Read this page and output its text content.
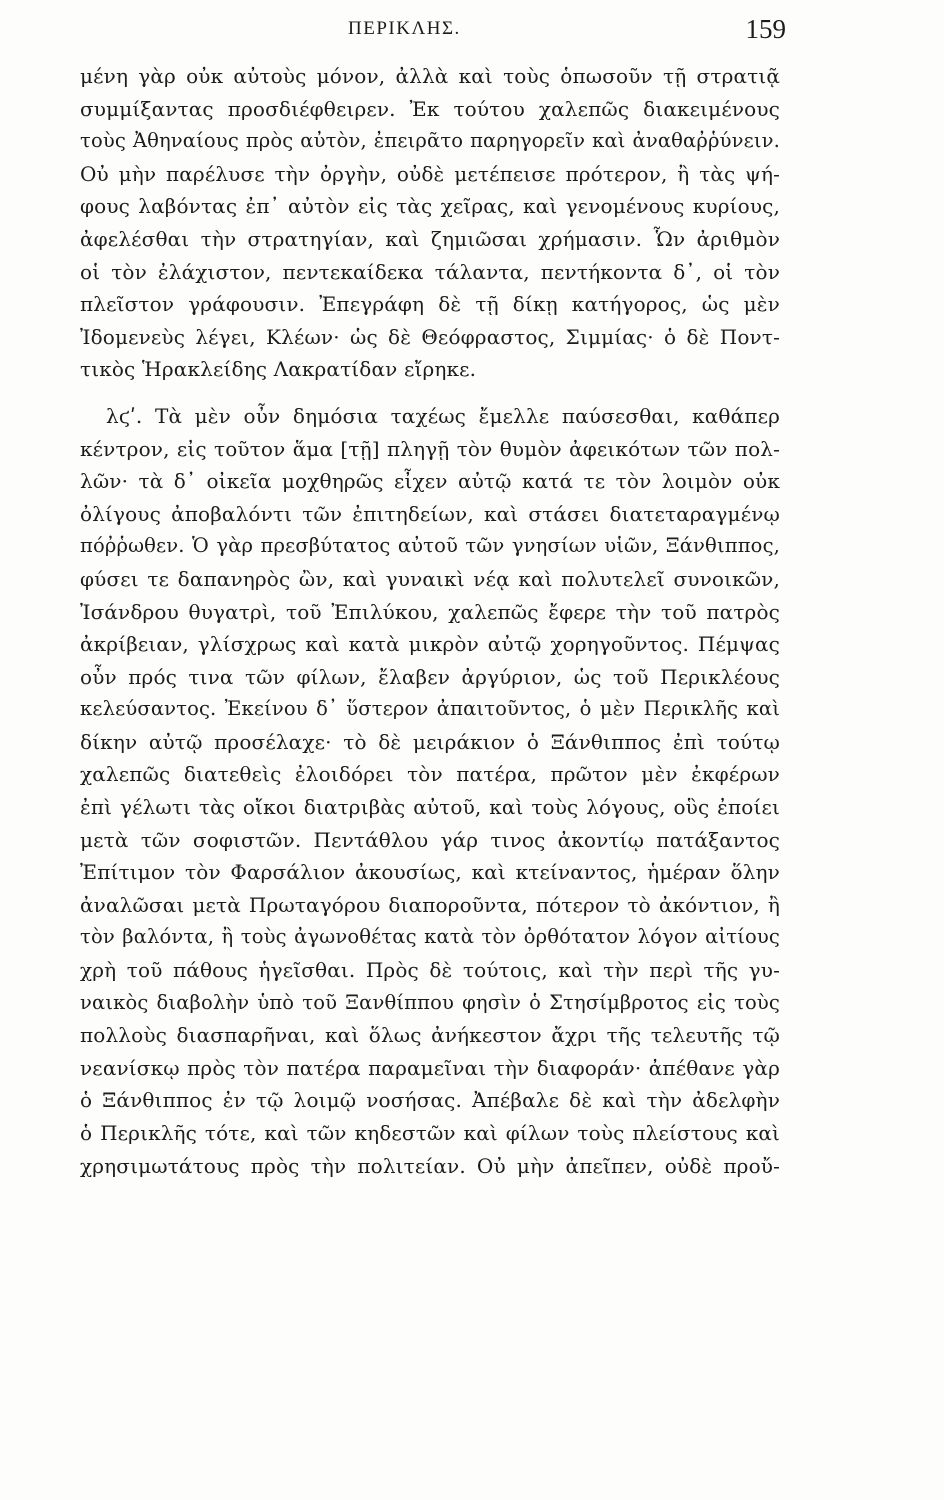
ΠΕΡΙΚΛΗΣ.	159
μένη γὰρ οὐκ αὐτοὺς μόνον, ἀλλὰ καὶ τοὺς ὁπωσοῦν τῇ στρατιᾷ
συμμίξαντας προσδιέφθειρεν. Ἐκ τούτου χαλεπῶς διακειμένους
τοὺς Ἀθηναίους πρὸς αὐτὸν, ἐπειρᾶτο παρηγορεῖν καὶ ἀναθαῤῥύνειν.
Οὐ μὴν παρέλυσε τὴν ὀργὴν, οὐδὲ μετέπεισε πρότερον, ἢ τὰς ψή-
φους λαβόντας ἐπ᾽ αὐτὸν εἰς τὰς χεῖρας, καὶ γενομένους κυρίους,
ἀφελέσθαι τὴν στρατηγίαν, καὶ ζημιῶσαι χρήμασιν. Ὧν ἀριθμὸν
οἱ τὸν ἐλάχιστον, πεντεκαίδεκα τάλαντα, πεντήκοντα δ᾽, οἱ τὸν
πλεῖστον γράφουσιν. Ἐπεγράφη δὲ τῇ δίκῃ κατήγορος, ὡς μὲν
Ἰδομενεὺς λέγει, Κλέων· ὡς δὲ Θεόφραστος, Σιμμίας· ὁ δὲ Ποντ-
τικὸς Ἡρακλείδης Λακρατίδαν εἴρηκε.
λϛʹ. Τὰ μὲν οὖν δημόσια ταχέως ἔμελλε παύσεσθαι, καθάπερ
κέντρον, εἰς τοῦτον ἅμα [τῇ] πληγῇ τὸν θυμὸν ἀφεικότων τῶν πολ-
λῶν· τὰ δ᾽ οἰκεῖα μοχθηρῶς εἶχεν αὐτῷ κατά τε τὸν λοιμὸν οὐκ
ὀλίγους ἀποβαλόντι τῶν ἐπιτηδείων, καὶ στάσει διατεταραγμένῳ
πόῤῥωθεν. Ὁ γὰρ πρεσβύτατος αὐτοῦ τῶν γνησίων υἱῶν, Ξάνθιππος,
φύσει τε δαπανηρὸς ὢν, καὶ γυναικὶ νέᾳ καὶ πολυτελεῖ συνοικῶν,
Ἰσάνδρου θυγατρὶ, τοῦ Ἐπιλύκου, χαλεπῶς ἔφερε τὴν τοῦ πατρὸς
ἀκρίβειαν, γλίσχρως καὶ κατὰ μικρὸν αὐτῷ χορηγοῦντος. Πέμψας
οὖν πρός τινα τῶν φίλων, ἔλαβεν ἀργύριον, ὡς τοῦ Περικλέους
κελεύσαντος. Ἐκείνου δ᾽ ὕστερον ἀπαιτοῦντος, ὁ μὲν Περικλῆς καὶ
δίκην αὐτῷ προσέλαχε· τὸ δὲ μειράκιον ὁ Ξάνθιππος ἐπὶ τούτῳ
χαλεπῶς διατεθεὶς ἐλοιδόρει τὸν πατέρα, πρῶτον μὲν ἐκφέρων
ἐπὶ γέλωτι τὰς οἴκοι διατριβὰς αὐτοῦ, καὶ τοὺς λόγους, οὓς ἐποίει
μετὰ τῶν σοφιστῶν. Πεντάθλου γάρ τινος ἀκοντίῳ πατάξαντος
Ἐπίτιμον τὸν Φαρσάλιον ἀκουσίως, καὶ κτείναντος, ἡμέραν ὅλην
ἀναλῶσαι μετὰ Πρωταγόρου διαποροῦντα, πότερον τὸ ἀκόντιον, ἢ
τὸν βαλόντα, ἢ τοὺς ἀγωνοθέτας κατὰ τὸν ὀρθότατον λόγον αἰτίους
χρὴ τοῦ πάθους ἡγεῖσθαι. Πρὸς δὲ τούτοις, καὶ τὴν περὶ τῆς γυ-
ναικὸς διαβολὴν ὑπὸ τοῦ Ξανθίππου φησὶν ὁ Στησίμβροτος εἰς τοὺς
πολλοὺς διασπαρῆναι, καὶ ὅλως ἀνήκεστον ἄχρι τῆς τελευτῆς τῷ
νεανίσκῳ πρὸς τὸν πατέρα παραμεῖναι τὴν διαφοράν· ἀπέθανε γὰρ
ὁ Ξάνθιππος ἐν τῷ λοιμῷ νοσήσας. Ἀπέβαλε δὲ καὶ τὴν ἀδελφὴν
ὁ Περικλῆς τότε, καὶ τῶν κηδεστῶν καὶ φίλων τοὺς πλείστους καὶ
χρησιμωτάτους πρὸς τὴν πολιτείαν. Οὐ μὴν ἀπεῖπεν, οὐδὲ προὔ-
